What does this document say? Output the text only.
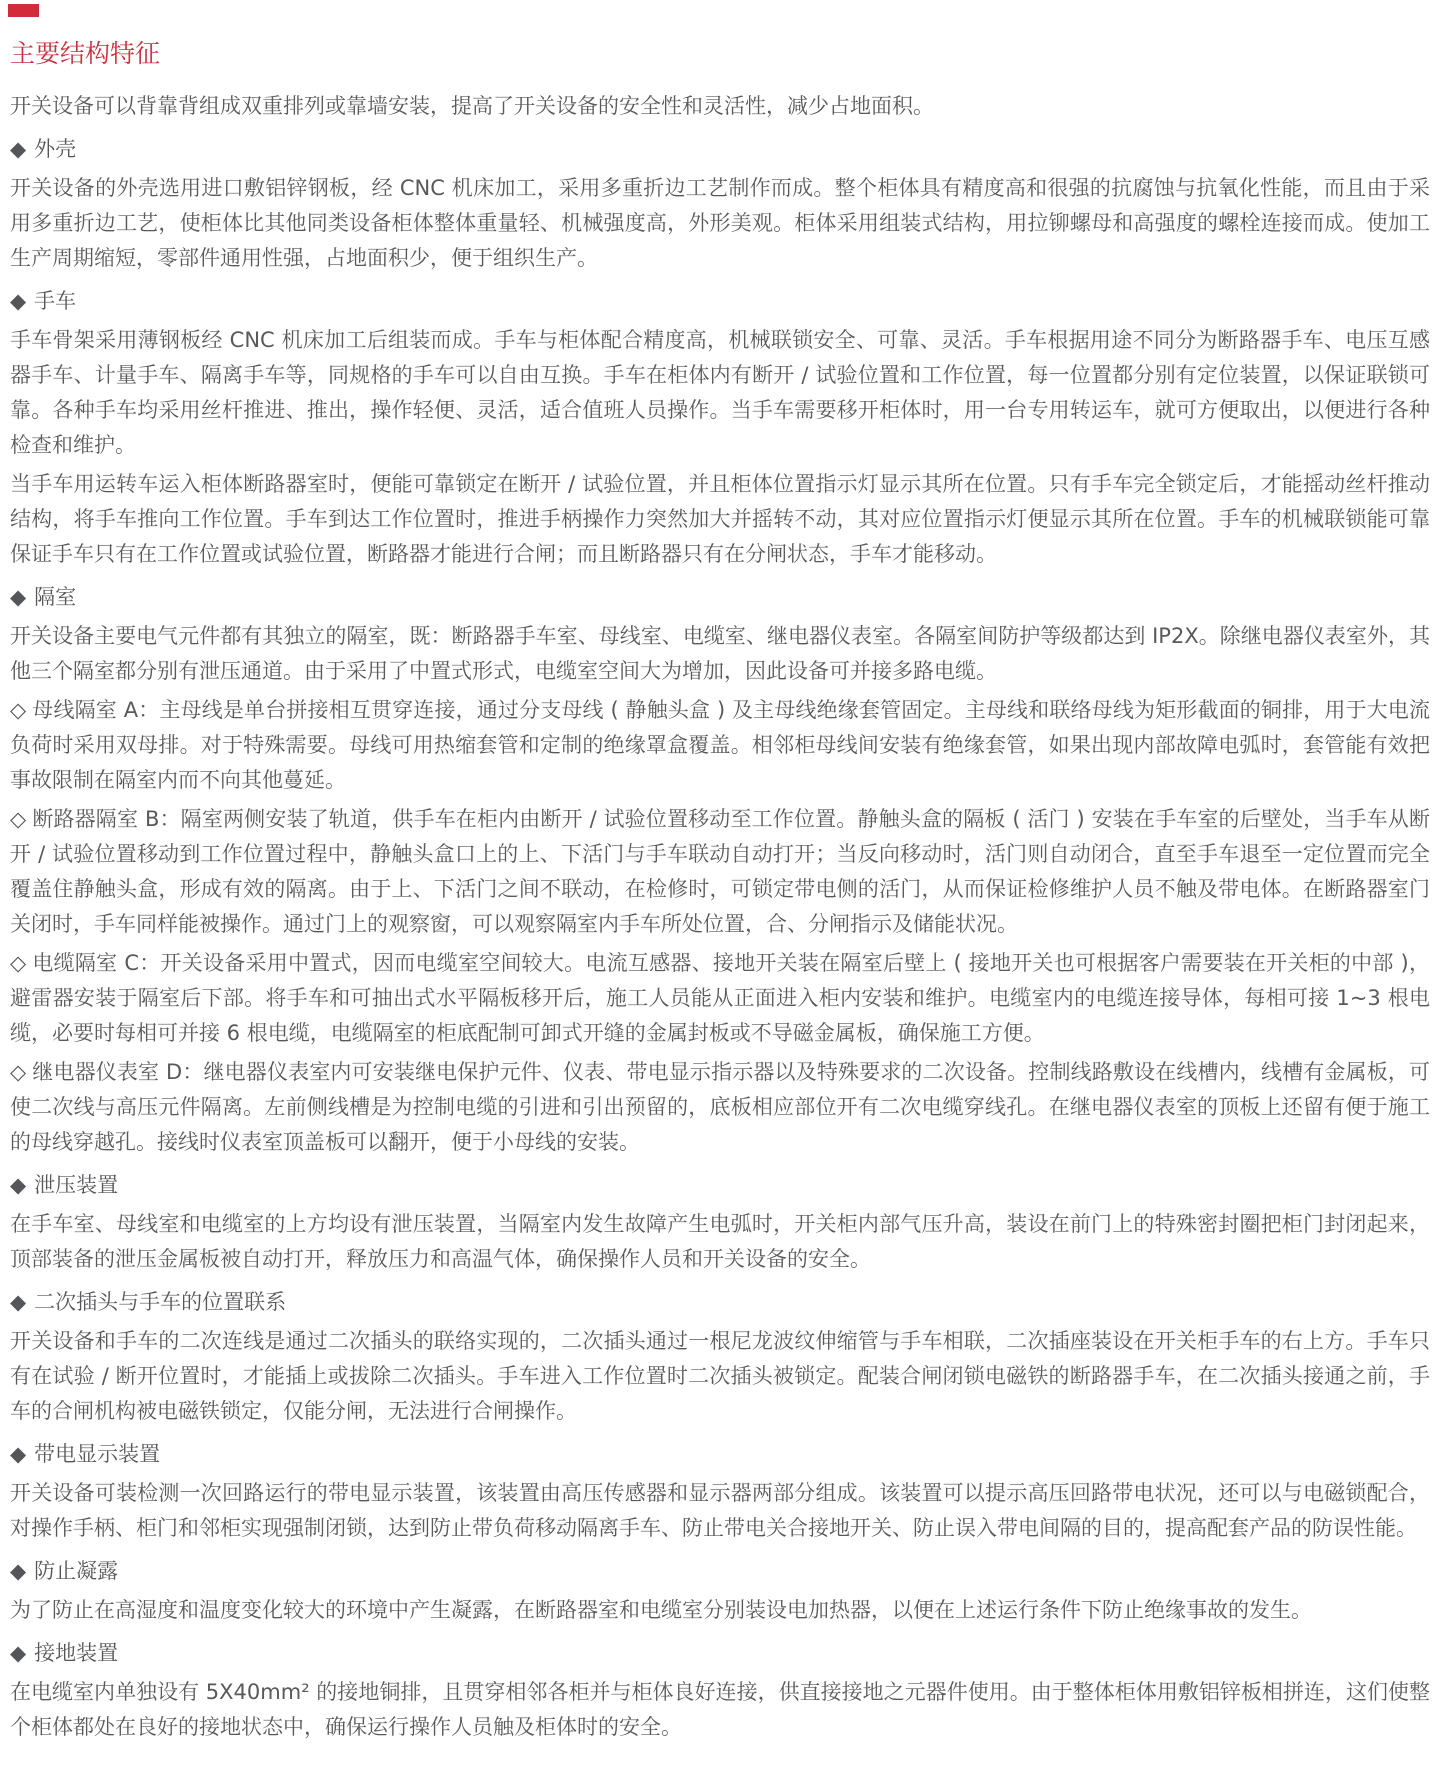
主要结构特征

开关设备可以背靠背组成双重排列或靠墙安装，提高了开关设备的安全性和灵活性，减少占地面积。

◆ 外壳

开关设备的外壳选用进口敷铝锌钢板，经 CNC 机床加工，采用多重折边工艺制作而成。整个柜体具有精度高和很强的抗腐蚀与抗氧化性能，而且由于采用多重折边工艺，使柜体比其他同类设备柜体整体重量轻、机械强度高，外形美观。柜体采用组装式结构，用拉铆螺母和高强度的螺栓连接而成。使加工生产周期缩短，零部件通用性强，占地面积少，便于组织生产。

◆ 手车

手车骨架采用薄钢板经 CNC 机床加工后组装而成。手车与柜体配合精度高，机械联锁安全、可靠、灵活。手车根据用途不同分为断路器手车、电压互感器手车、计量手车、隔离手车等，同规格的手车可以自由互换。手车在柜体内有断开 / 试验位置和工作位置，每一位置都分别有定位装置，以保证联锁可靠。各种手车均采用丝杆推进、推出，操作轻便、灵活，适合值班人员操作。当手车需要移开柜体时，用一台专用转运车，就可方便取出，以便进行各种检查和维护。

当手车用运转车运入柜体断路器室时，便能可靠锁定在断开 / 试验位置，并且柜体位置指示灯显示其所在位置。只有手车完全锁定后，才能摇动丝杆推动结构，将手车推向工作位置。手车到达工作位置时，推进手柄操作力突然加大并摇转不动，其对应位置指示灯便显示其所在位置。手车的机械联锁能可靠保证手车只有在工作位置或试验位置，断路器才能进行合闸；而且断路器只有在分闸状态，手车才能移动。

◆ 隔室

开关设备主要电气元件都有其独立的隔室，既：断路器手车室、母线室、电缆室、继电器仪表室。各隔室间防护等级都达到 IP2X。除继电器仪表室外，其他三个隔室都分别有泄压通道。由于采用了中置式形式，电缆室空间大为增加，因此设备可并接多路电缆。

◇ 母线隔室 A：主母线是单台拼接相互贯穿连接，通过分支母线 ( 静触头盒 ) 及主母线绝缘套管固定。主母线和联络母线为矩形截面的铜排，用于大电流负荷时采用双母排。对于特殊需要。母线可用热缩套管和定制的绝缘罩盒覆盖。相邻柜母线间安装有绝缘套管，如果出现内部故障电弧时，套管能有效把事故限制在隔室内而不向其他蔓延。

◇ 断路器隔室 B：隔室两侧安装了轨道，供手车在柜内由断开 / 试验位置移动至工作位置。静触头盒的隔板 ( 活门 ) 安装在手车室的后壁处，当手车从断开 / 试验位置移动到工作位置过程中，静触头盒口上的上、下活门与手车联动自动打开；当反向移动时，活门则自动闭合，直至手车退至一定位置而完全覆盖住静触头盒，形成有效的隔离。由于上、下活门之间不联动，在检修时，可锁定带电侧的活门，从而保证检修维护人员不触及带电体。在断路器室门关闭时，手车同样能被操作。通过门上的观察窗，可以观察隔室内手车所处位置，合、分闸指示及储能状况。

◇ 电缆隔室 C：开关设备采用中置式，因而电缆室空间较大。电流互感器、接地开关装在隔室后壁上 ( 接地开关也可根据客户需要装在开关柜的中部 )，避雷器安装于隔室后下部。将手车和可抽出式水平隔板移开后，施工人员能从正面进入柜内安装和维护。电缆室内的电缆连接导体，每相可接 1~3 根电缆，必要时每相可并接 6 根电缆，电缆隔室的柜底配制可卸式开缝的金属封板或不导磁金属板，确保施工方便。

◇ 继电器仪表室 D：继电器仪表室内可安装继电保护元件、仪表、带电显示指示器以及特殊要求的二次设备。控制线路敷设在线槽内，线槽有金属板，可使二次线与高压元件隔离。左前侧线槽是为控制电缆的引进和引出预留的，底板相应部位开有二次电缆穿线孔。在继电器仪表室的顶板上还留有便于施工的母线穿越孔。接线时仪表室顶盖板可以翻开，便于小母线的安装。

◆ 泄压装置

在手车室、母线室和电缆室的上方均设有泄压装置，当隔室内发生故障产生电弧时，开关柜内部气压升高，装设在前门上的特殊密封圈把柜门封闭起来，顶部装备的泄压金属板被自动打开，释放压力和高温气体，确保操作人员和开关设备的安全。

◆ 二次插头与手车的位置联系

开关设备和手车的二次连线是通过二次插头的联络实现的，二次插头通过一根尼龙波纹伸缩管与手车相联，二次插座装设在开关柜手车的右上方。手车只有在试验 / 断开位置时，才能插上或拔除二次插头。手车进入工作位置时二次插头被锁定。配装合闸闭锁电磁铁的断路器手车，在二次插头接通之前，手车的合闸机构被电磁铁锁定，仅能分闸，无法进行合闸操作。

◆ 带电显示装置

开关设备可装检测一次回路运行的带电显示装置，该装置由高压传感器和显示器两部分组成。该装置可以提示高压回路带电状况，还可以与电磁锁配合，对操作手柄、柜门和邻柜实现强制闭锁，达到防止带负荷移动隔离手车、防止带电关合接地开关、防止误入带电间隔的目的，提高配套产品的防误性能。

◆ 防止凝露

为了防止在高湿度和温度变化较大的环境中产生凝露，在断路器室和电缆室分别装设电加热器，以便在上述运行条件下防止绝缘事故的发生。

◆ 接地装置

在电缆室内单独设有 5X40mm² 的接地铜排，且贯穿相邻各柜并与柜体良好连接，供直接接地之元器件使用。由于整体柜体用敷铝锌板相拼连，这们使整个柜体都处在良好的接地状态中，确保运行操作人员触及柜体时的安全。
